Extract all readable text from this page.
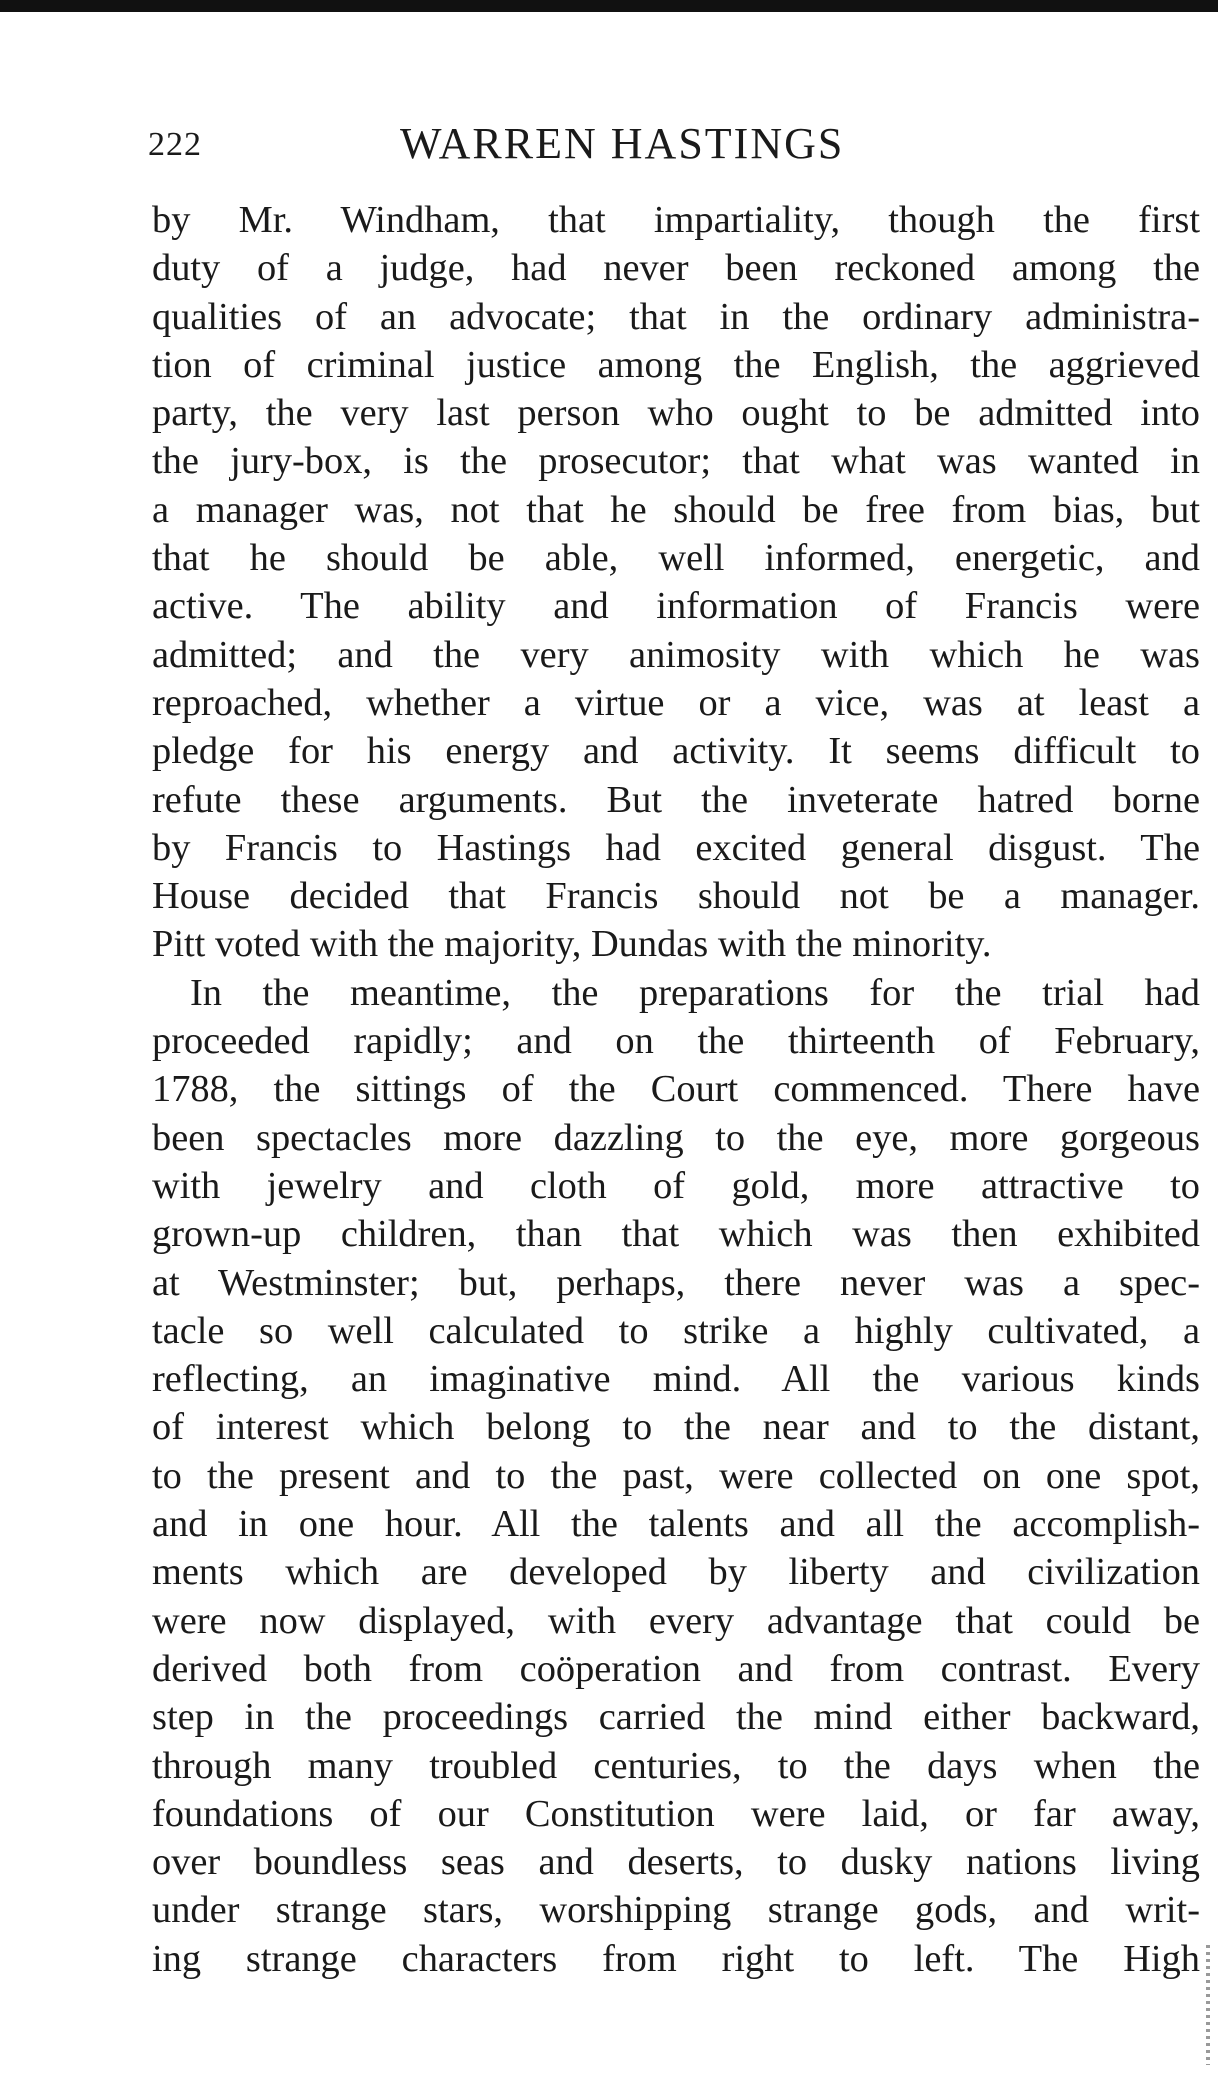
222	WARREN HASTINGS
by Mr. Windham, that impartiality, though the first
duty of a judge, had never been reckoned among the
qualities of an advocate; that in the ordinary administra-
tion of criminal justice among the English, the aggrieved
party, the very last person who ought to be admitted into
the jury-box, is the prosecutor; that what was wanted in
a manager was, not that he should be free from bias, but
that he should be able, well informed, energetic, and
active. The ability and information of Francis were
admitted; and the very animosity with which he was
reproached, whether a virtue or a vice, was at least a
pledge for his energy and activity. It seems difficult to
refute these arguments. But the inveterate hatred borne
by Francis to Hastings had excited general disgust. The
House decided that Francis should not be a manager.
Pitt voted with the majority, Dundas with the minority.
In the meantime, the preparations for the trial had
proceeded rapidly; and on the thirteenth of February,
1788, the sittings of the Court commenced. There have
been spectacles more dazzling to the eye, more gorgeous
with jewelry and cloth of gold, more attractive to
grown-up children, than that which was then exhibited
at Westminster; but, perhaps, there never was a spec-
tacle so well calculated to strike a highly cultivated, a
reflecting, an imaginative mind. All the various kinds
of interest which belong to the near and to the distant,
to the present and to the past, were collected on one spot,
and in one hour. All the talents and all the accomplish-
ments which are developed by liberty and civilization
were now displayed, with every advantage that could be
derived both from coöperation and from contrast. Every
step in the proceedings carried the mind either backward,
through many troubled centuries, to the days when the
foundations of our Constitution were laid, or far away,
over boundless seas and deserts, to dusky nations living
under strange stars, worshipping strange gods, and writ-
ing strange characters from right to left. The High
